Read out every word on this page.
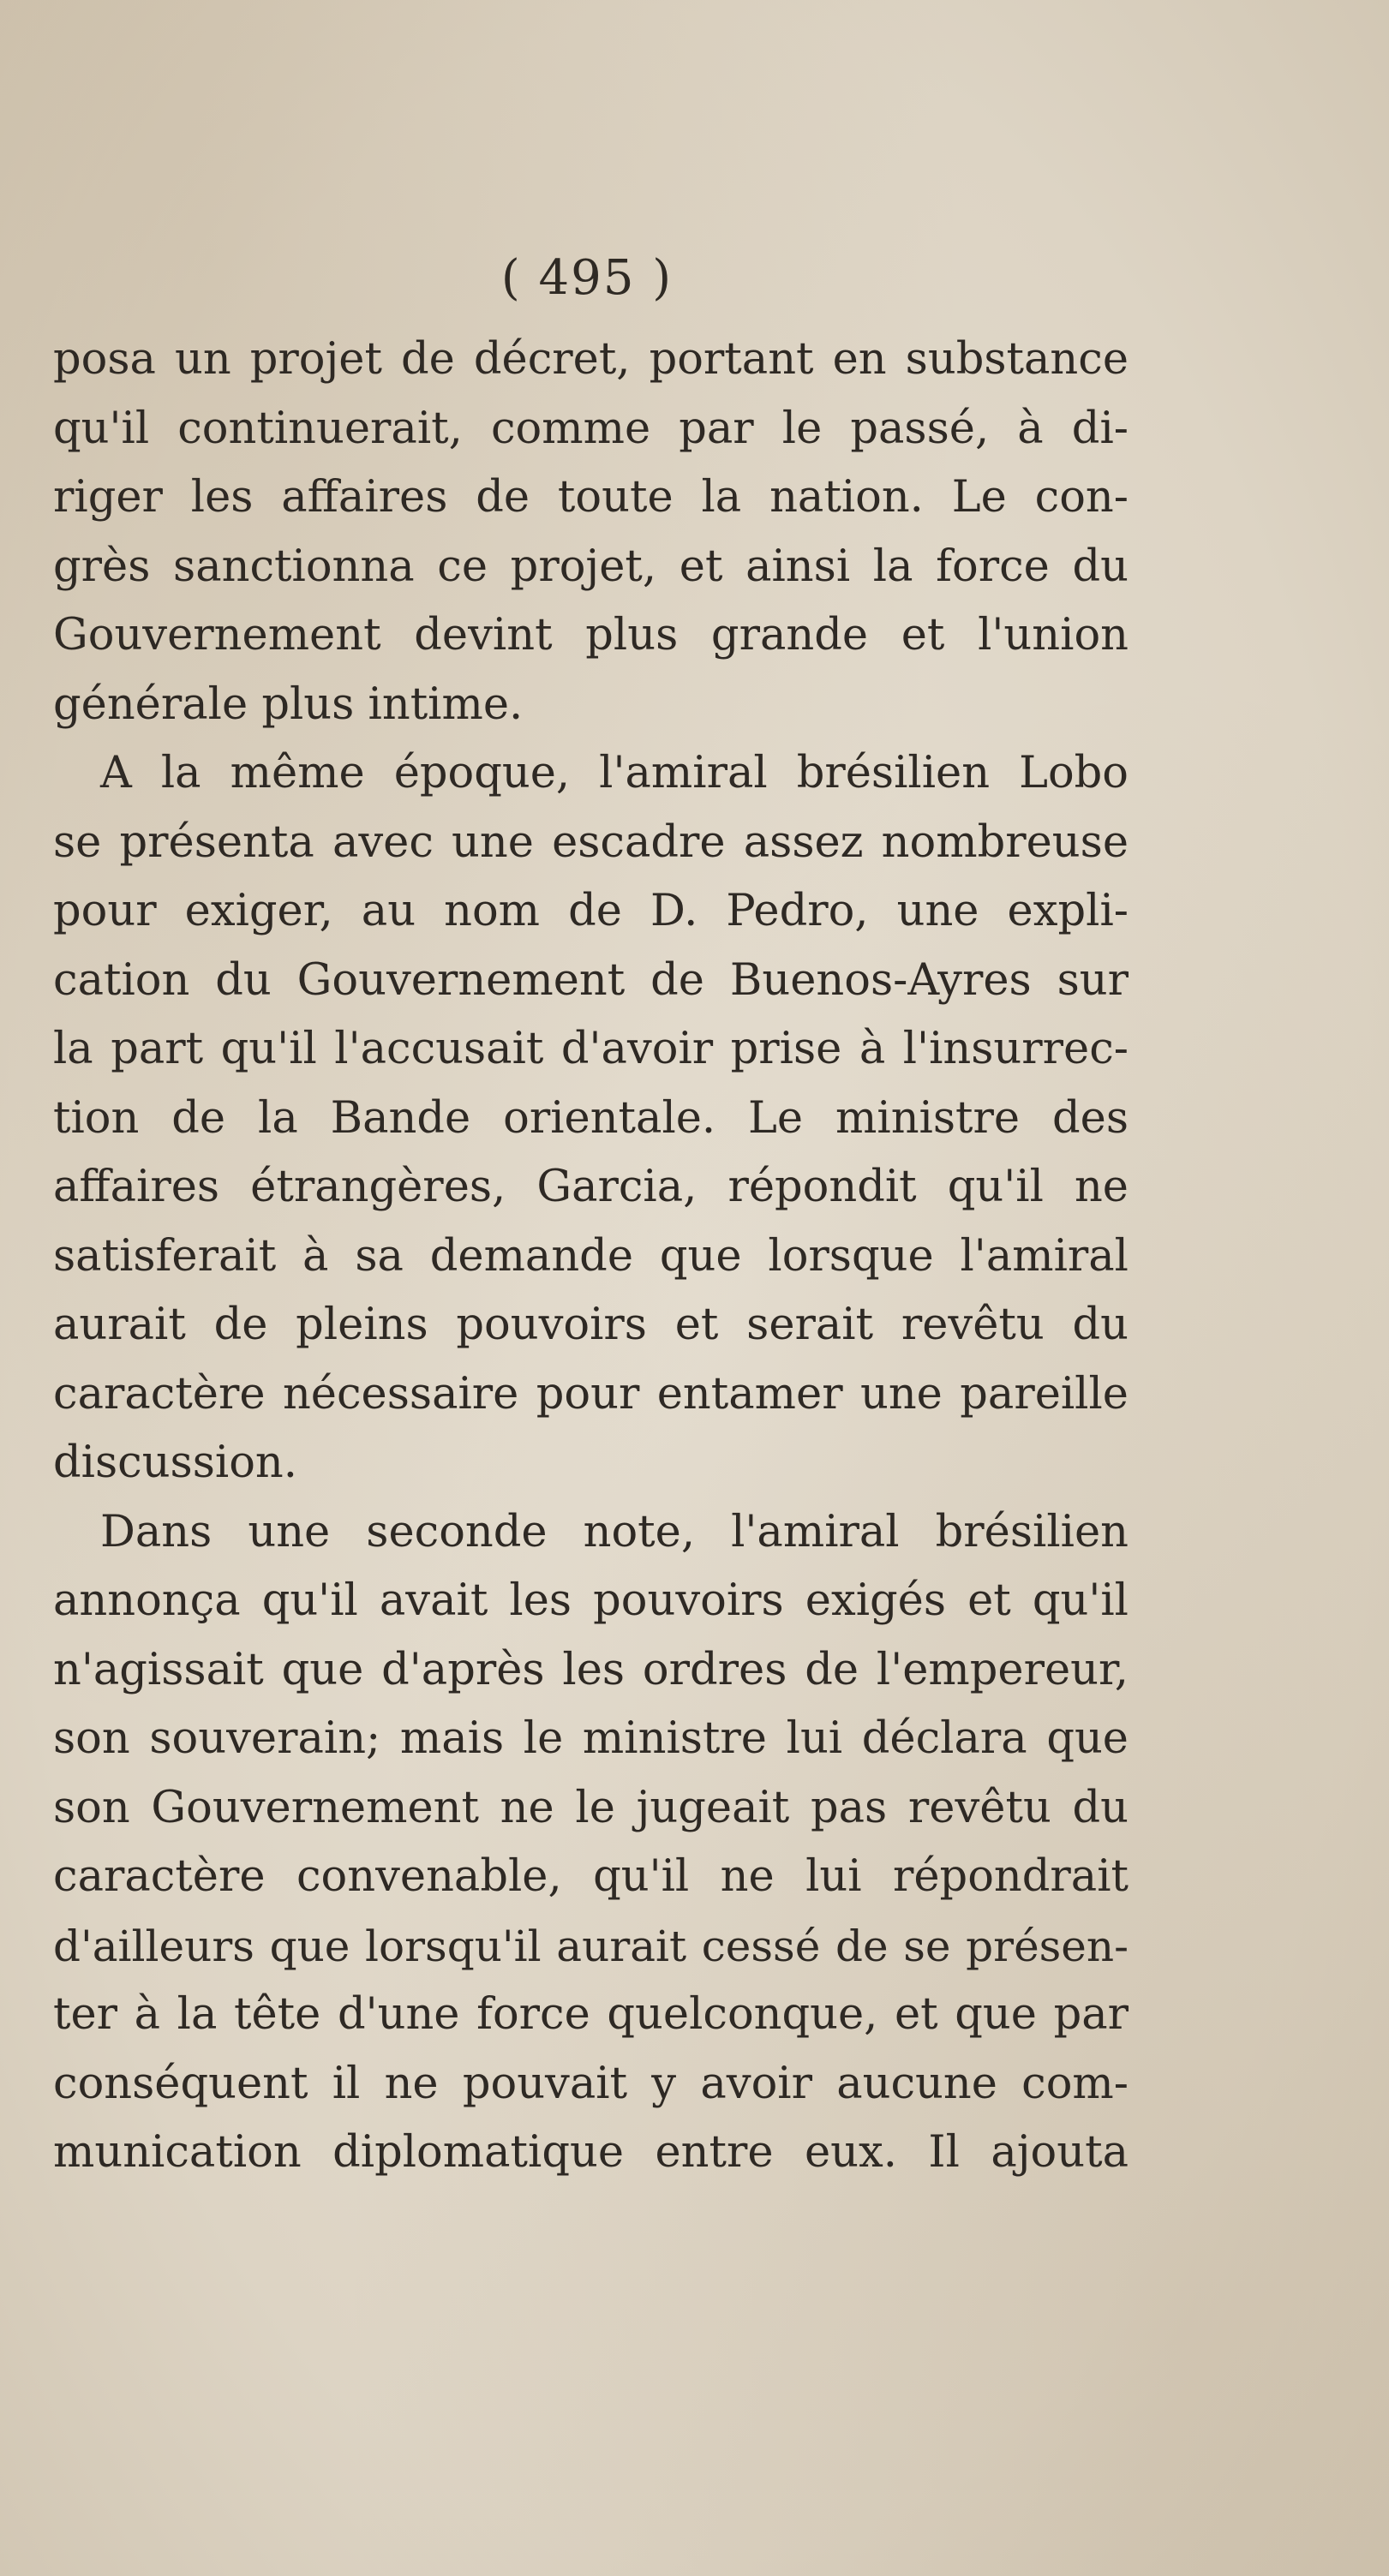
( 495 )
posa un projet de décret, portant en substance
qu'il continuerait, comme par le passé, à di-
riger les affaires de toute la nation. Le con-
grès sanctionna ce projet, et ainsi la force du
Gouvernement devint plus grande et l'union
générale plus intime.
A la même époque, l'amiral brésilien Lobo
se présenta avec une escadre assez nombreuse
pour exiger, au nom de D. Pedro, une expli-
cation du Gouvernement de Buenos-Ayres sur
la part qu'il l'accusait d'avoir prise à l'insurrec-
tion de la Bande orientale. Le ministre des
affaires étrangères, Garcia, répondit qu'il ne
satisferait à sa demande que lorsque l'amiral
aurait de pleins pouvoirs et serait revêtu du
caractère nécessaire pour entamer une pareille
discussion.
Dans une seconde note, l'amiral brésilien
annonça qu'il avait les pouvoirs exigés et qu'il
n'agissait que d'après les ordres de l'empereur,
son souverain; mais le ministre lui déclara que
son Gouvernement ne le jugeait pas revêtu du
caractère convenable, qu'il ne lui répondrait
d'ailleurs que lorsqu'il aurait cessé de se présen-
ter à la tête d'une force quelconque, et que par
conséquent il ne pouvait y avoir aucune com-
munication diplomatique entre eux. Il ajouta
